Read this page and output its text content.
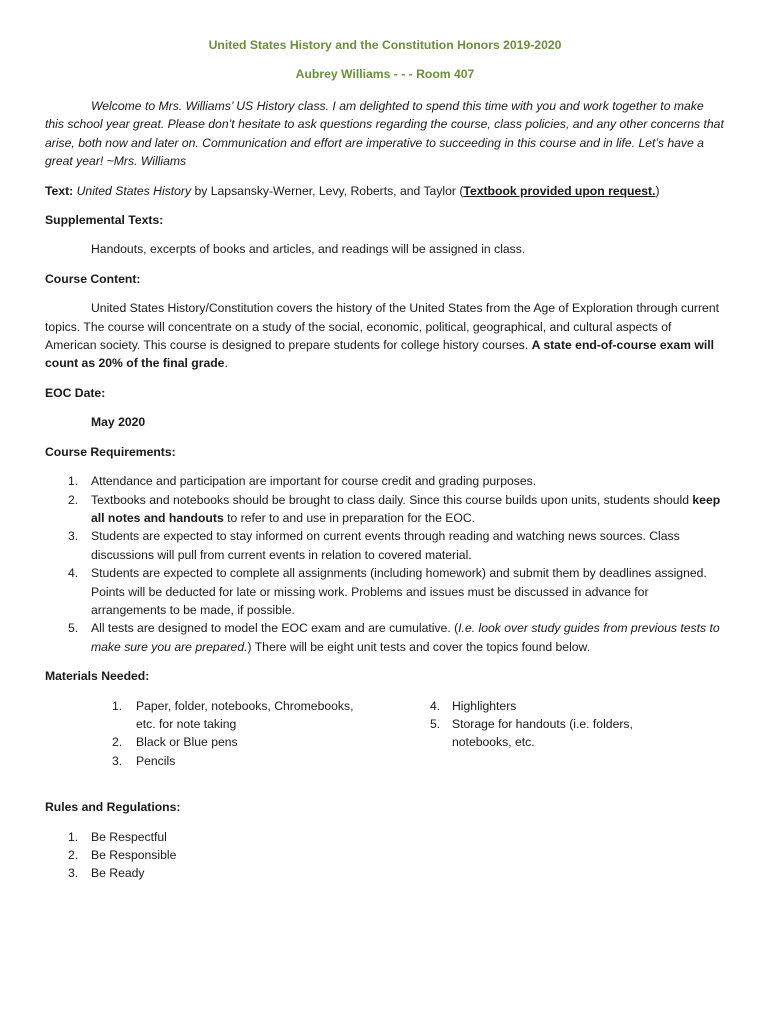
United States History and the Constitution Honors 2019-2020

Aubrey Williams - - - Room 407

Welcome to Mrs. Williams’ US History class. I am delighted to spend this time with you and work together to make this school year great. Please don’t hesitate to ask questions regarding the course, class policies, and any other concerns that arise, both now and later on. Communication and effort are imperative to succeeding in this course and in life. Let’s have a great year! ~Mrs. Williams

Text: United States History by Lapsansky-Werner, Levy, Roberts, and Taylor (Textbook provided upon request.)

Supplemental Texts:

Handouts, excerpts of books and articles, and readings will be assigned in class.

Course Content:

United States History/Constitution covers the history of the United States from the Age of Exploration through current topics. The course will concentrate on a study of the social, economic, political, geographical, and cultural aspects of American society. This course is designed to prepare students for college history courses. A state end-of-course exam will count as 20% of the final grade.

EOC Date:

May 2020

Course Requirements:

1. Attendance and participation are important for course credit and grading purposes.
2. Textbooks and notebooks should be brought to class daily. Since this course builds upon units, students should keep all notes and handouts to refer to and use in preparation for the EOC.
3. Students are expected to stay informed on current events through reading and watching news sources. Class discussions will pull from current events in relation to covered material.
4. Students are expected to complete all assignments (including homework) and submit them by deadlines assigned. Points will be deducted for late or missing work. Problems and issues must be discussed in advance for arrangements to be made, if possible.
5. All tests are designed to model the EOC exam and are cumulative. (I.e. look over study guides from previous tests to make sure you are prepared.) There will be eight unit tests and cover the topics found below.

Materials Needed:

1. Paper, folder, notebooks, Chromebooks, etc. for note taking
2. Black or Blue pens
3. Pencils
4. Highlighters
5. Storage for handouts (i.e. folders, notebooks, etc.

Rules and Regulations:

1. Be Respectful
2. Be Responsible
3. Be Ready
